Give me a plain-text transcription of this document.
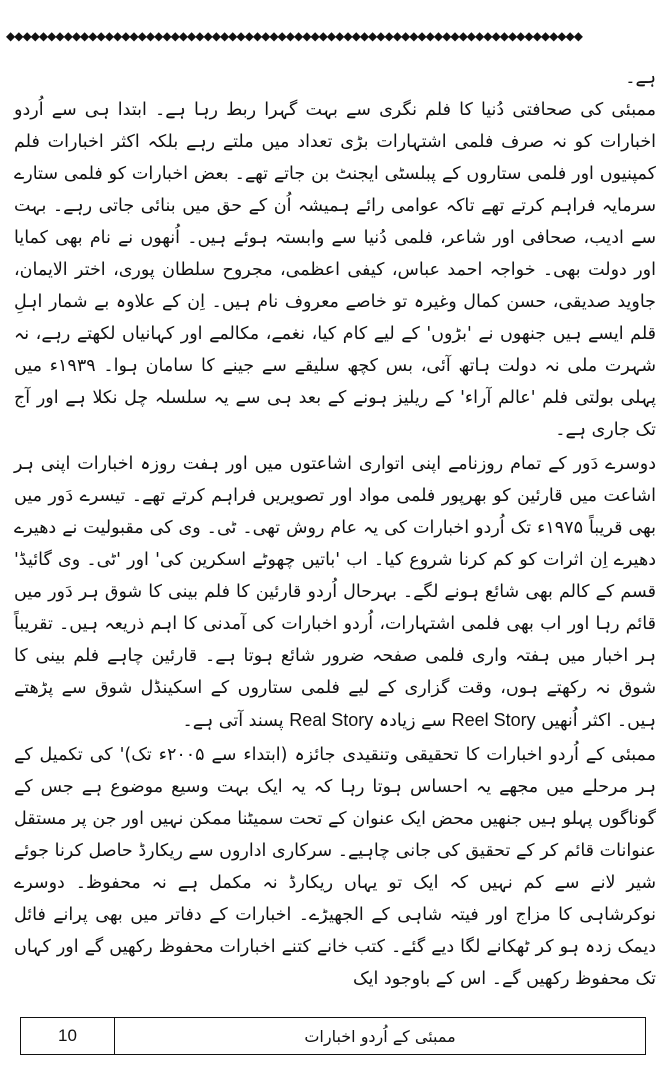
◆◆◆◆◆◆◆◆◆◆◆◆◆◆◆◆◆◆◆◆◆◆◆◆◆◆◆◆◆◆◆◆◆◆◆◆◆◆◆◆◆◆◆◆◆◆◆◆◆◆◆◆◆◆◆◆◆◆◆◆◆◆◆◆◆◆◆◆◆◆

ہے۔

ممبئی کی صحافتی دُنیا کا فلم نگری سے بہت گہرا ربط رہا ہے۔ ابتدا ہی سے اُردو اخبارات کو نہ صرف فلمی اشتہارات بڑی تعداد میں ملتے رہے بلکہ اکثر اخبارات فلم کمپنیوں اور فلمی ستاروں کے پبلسٹی ایجنٹ بن جاتے تھے۔ بعض اخبارات کو فلمی ستارے سرمایہ فراہم کرتے تھے تاکہ عوامی رائے ہمیشہ اُن کے حق میں بنائی جاتی رہے۔ بہت سے ادیب، صحافی اور شاعر، فلمی دُنیا سے وابستہ ہوئے ہیں۔ اُنھوں نے نام بھی کمایا اور دولت بھی۔ خواجہ احمد عباس، کیفی اعظمی، مجروح سلطان پوری، اختر الایمان، جاوید صدیقی، حسن کمال وغیرہ تو خاصے معروف نام ہیں۔ اِن کے علاوہ بے شمار اہلِ قلم ایسے ہیں جنھوں نے 'بڑوں' کے لیے کام کیا، نغمے، مکالمے اور کہانیاں لکھتے رہے، نہ شہرت ملی نہ دولت ہاتھ آئی، بس کچھ سلیقے سے جینے کا سامان ہوا۔ ۱۹۳۹ء میں پہلی بولتی فلم 'عالم آراء' کے ریلیز ہونے کے بعد ہی سے یہ سلسلہ چل نکلا ہے اور آج تک جاری ہے۔

دوسرے دَور کے تمام روزنامے اپنی اتواری اشاعتوں میں اور ہفت روزہ اخبارات اپنی ہر اشاعت میں قارئین کو بھرپور فلمی مواد اور تصویریں فراہم کرتے تھے۔ تیسرے دَور میں بھی قریباً ۱۹۷۵ء تک اُردو اخبارات کی یہ عام روش تھی۔ ٹی۔ وی کی مقبولیت نے دھیرے دھیرے اِن اثرات کو کم کرنا شروع کیا۔ اب 'باتیں چھوٹے اسکرین کی' اور 'ٹی۔ وی گائیڈ' قسم کے کالم بھی شائع ہونے لگے۔ بہرحال اُردو قارئین کا فلم بینی کا شوق ہر دَور میں قائم رہا اور اب بھی فلمی اشتہارات، اُردو اخبارات کی آمدنی کا اہم ذریعہ ہیں۔ تقریباً ہر اخبار میں ہفتہ واری فلمی صفحہ ضرور شائع ہوتا ہے۔ قارئین چاہے فلم بینی کا شوق نہ رکھتے ہوں، وقت گزاری کے لیے فلمی ستاروں کے اسکینڈل شوق سے پڑھتے ہیں۔ اکثر اُنھیں Reel Story سے زیادہ Real Story پسند آتی ہے۔

ممبئی کے اُردو اخبارات کا تحقیقی وتنقیدی جائزہ (ابتداء سے ۲۰۰۵ء تک)' کی تکمیل کے ہر مرحلے میں مجھے یہ احساس ہوتا رہا کہ یہ ایک بہت وسیع موضوع ہے جس کے گوناگوں پہلو ہیں جنھیں محض ایک عنوان کے تحت سمیٹنا ممکن نہیں اور جن پر مستقل عنوانات قائم کر کے تحقیق کی جانی چاہیے۔ سرکاری اداروں سے ریکارڈ حاصل کرنا جوئے شیر لانے سے کم نہیں کہ ایک تو یہاں ریکارڈ نہ مکمل ہے نہ محفوظ۔ دوسرے نوکرشاہی کا مزاج اور فیتہ شاہی کے الجھیڑے۔ اخبارات کے دفاتر میں بھی پرانے فائل دیمک زدہ ہو کر ٹھکانے لگا دیے گئے۔ کتب خانے کتنے اخبارات محفوظ رکھیں گے اور کہاں تک محفوظ رکھیں گے۔ اس کے باوجود ایک

10	ممبئی کے اُردو اخبارات
